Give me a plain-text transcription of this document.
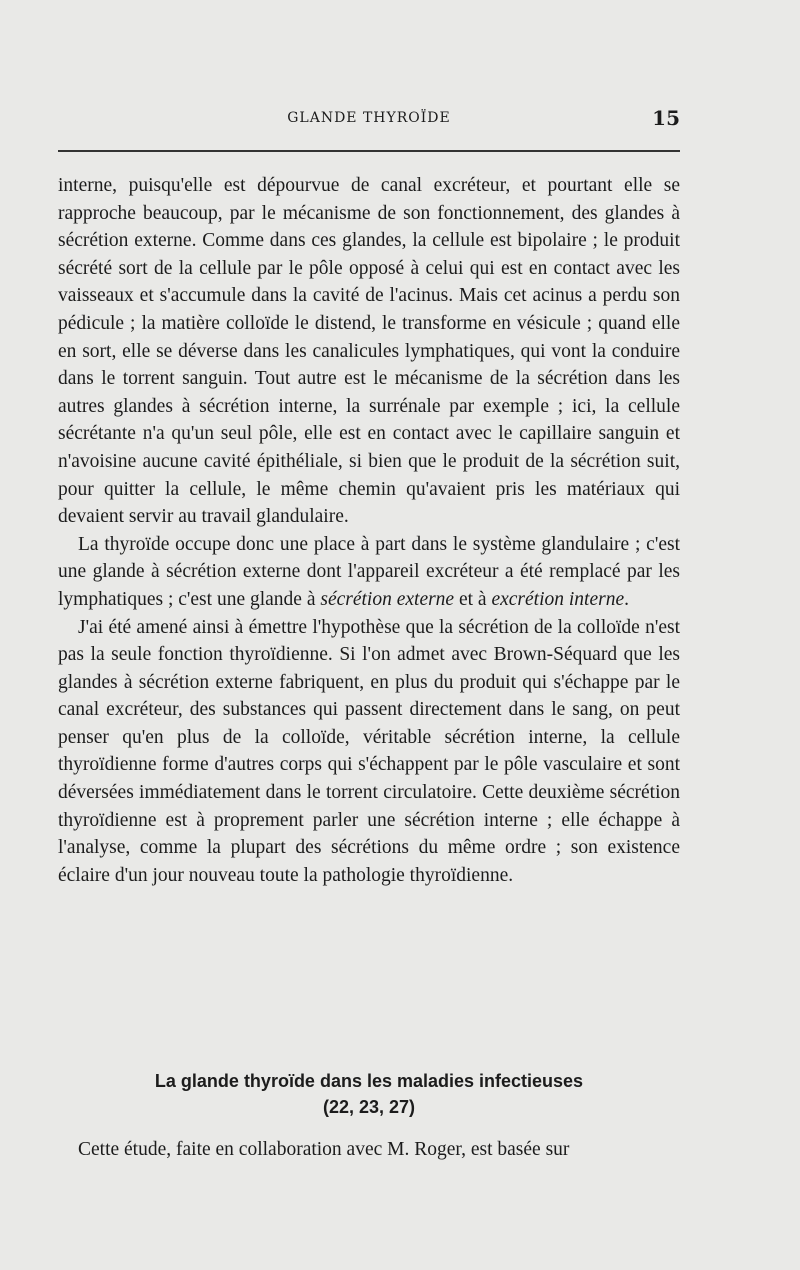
GLANDE THYROÏDE	15

interne, puisqu'elle est dépourvue de canal excréteur, et pourtant elle se rapproche beaucoup, par le mécanisme de son fonctionnement, des glandes à sécrétion externe. Comme dans ces glandes, la cellule est bipolaire ; le produit sécrété sort de la cellule par le pôle opposé à celui qui est en contact avec les vaisseaux et s'accumule dans la cavité de l'acinus. Mais cet acinus a perdu son pédicule ; la matière colloïde le distend, le transforme en vésicule ; quand elle en sort, elle se déverse dans les canalicules lymphatiques, qui vont la conduire dans le torrent sanguin. Tout autre est le mécanisme de la sécrétion dans les autres glandes à sécrétion interne, la surrénale par exemple ; ici, la cellule sécrétante n'a qu'un seul pôle, elle est en contact avec le capillaire sanguin et n'avoisine aucune cavité épithéliale, si bien que le produit de la sécrétion suit, pour quitter la cellule, le même chemin qu'avaient pris les matériaux qui devaient servir au travail glandulaire.

La thyroïde occupe donc une place à part dans le système glandulaire ; c'est une glande à sécrétion externe dont l'appareil excréteur a été remplacé par les lymphatiques ; c'est une glande à sécrétion externe et à excrétion interne.

J'ai été amené ainsi à émettre l'hypothèse que la sécrétion de la colloïde n'est pas la seule fonction thyroïdienne. Si l'on admet avec Brown-Séquard que les glandes à sécrétion externe fabriquent, en plus du produit qui s'échappe par le canal excréteur, des substances qui passent directement dans le sang, on peut penser qu'en plus de la colloïde, véritable sécrétion interne, la cellule thyroïdienne forme d'autres corps qui s'échappent par le pôle vasculaire et sont déversées immédiatement dans le torrent circulatoire. Cette deuxième sécrétion thyroïdienne est à proprement parler une sécrétion interne ; elle échappe à l'analyse, comme la plupart des sécrétions du même ordre ; son existence éclaire d'un jour nouveau toute la pathologie thyroïdienne.

La glande thyroïde dans les maladies infectieuses
(22, 23, 27)
Cette étude, faite en collaboration avec M. Roger, est basée sur
